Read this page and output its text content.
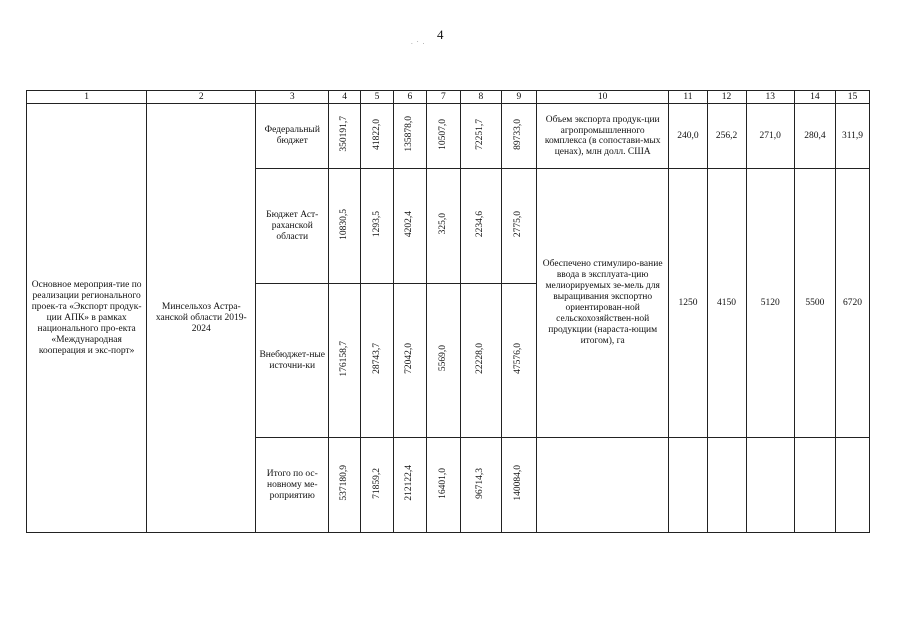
4
. · .
1	2	3	4	5	6	7	8	9	10	11	12	13	14	15

Основное мероприя-тие по реализации регионального проек-та «Экспорт продук-ции АПК» в рамках национального про-екта «Международная кооперация и экс-порт»	Минсельхоз Астра-ханской области 2019-2024	Федеральный бюджет	350191,7	41822,0	135878,0	10507,0	72251,7	89733,0	Объем экспорта продук-ции агропромышленного комплекса (в сопостави-мых ценах), млн долл. США	240,0	256,2	271,0	280,4	311,9

		Бюджет Аст-раханской области	10830,5	1293,5	4202,4	325,0	2234,6	2775,0	Обеспечено стимулиро-вание ввода в эксплуата-цию мелиорируемых зе-мель для выращивания экспортно ориентирован-ной сельскохозяйствен-ной продукции (нараста-ющим итогом), га	1250	4150	5120	5500	6720

		Внебюджет-ные источни-ки	176158,7	28743,7	72042,0	5569,0	22228,0	47576,0						

		Итого по ос-новному ме-роприятию	537180,9	71859,2	212122,4	16401,0	96714,3	140084,0						
